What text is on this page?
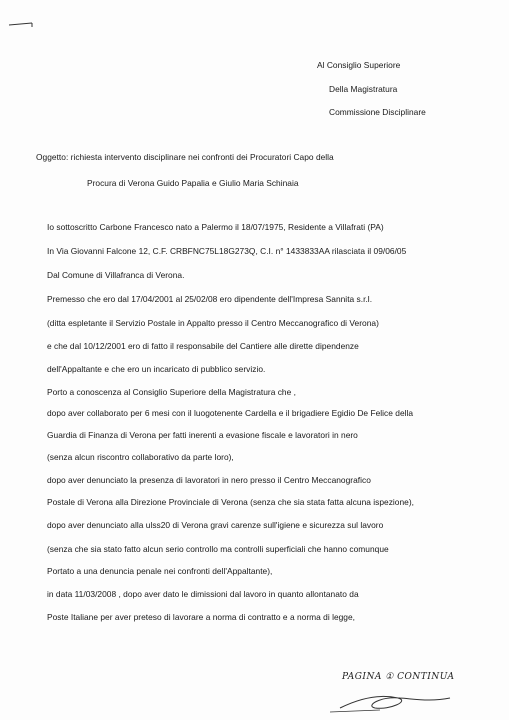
Al Consiglio Superiore
Della Magistratura
Commissione Disciplinare
Oggetto: richiesta intervento disciplinare nei confronti dei Procuratori Capo della
Procura di Verona Guido Papalia e Giulio Maria Schinaia
Io sottoscritto Carbone Francesco nato a Palermo il 18/07/1975, Residente a Villafrati (PA)
In Via Giovanni Falcone 12, C.F. CRBFNC75L18G273Q, C.I. n° 1433833AA rilasciata il 09/06/05
Dal Comune di Villafranca di Verona.
Premesso che ero dal 17/04/2001 al 25/02/08 ero dipendente dell'Impresa Sannita s.r.l.
(ditta espletante il Servizio Postale in Appalto presso il Centro Meccanografico di Verona)
e che dal 10/12/2001 ero di fatto il responsabile del Cantiere alle dirette dipendenze
dell'Appaltante e che ero un incaricato di pubblico servizio.
Porto a conoscenza al Consiglio Superiore della Magistratura che ,
dopo aver collaborato per 6 mesi con il luogotenente Cardella e il brigadiere Egidio De Felice della
Guardia di Finanza di Verona per fatti inerenti a evasione fiscale e lavoratori in nero
(senza alcun riscontro collaborativo da parte loro),
dopo aver denunciato la presenza di lavoratori in nero presso il Centro Meccanografico
Postale di Verona alla Direzione Provinciale di Verona (senza che sia stata fatta alcuna ispezione),
dopo aver denunciato alla ulss20 di Verona gravi carenze sull'igiene e sicurezza sul lavoro
(senza che sia stato fatto alcun serio controllo ma controlli superficiali che hanno comunque
Portato a una denuncia penale nei confronti dell'Appaltante),
in data 11/03/2008 , dopo aver dato le dimissioni dal lavoro in quanto allontanato da
Poste Italiane per aver preteso di lavorare a norma di contratto e a norma di legge,
PAGINA ① CONTINUA
